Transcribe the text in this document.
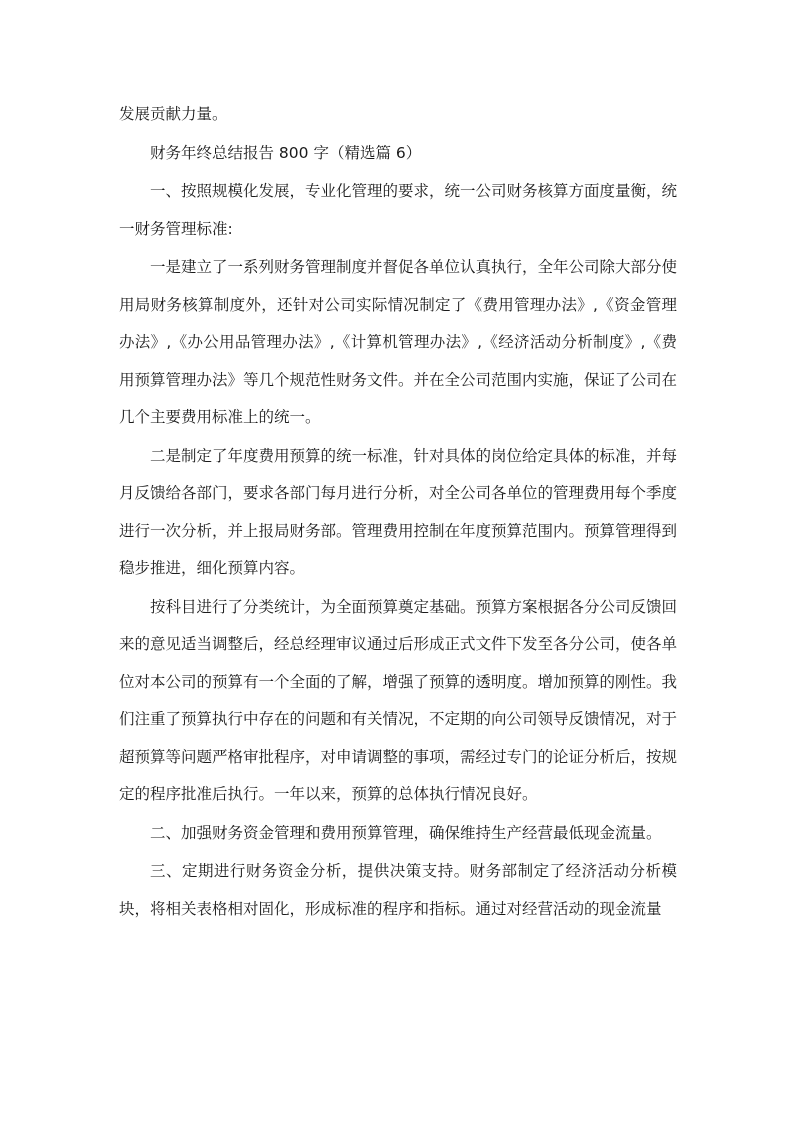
发展贡献力量。

财务年终总结报告 800 字（精选篇 6）

一、按照规模化发展，专业化管理的要求，统一公司财务核算方面度量衡，统一财务管理标准:

一是建立了一系列财务管理制度并督促各单位认真执行，全年公司除大部分使用局财务核算制度外，还针对公司实际情况制定了《费用管理办法》,《资金管理办法》,《办公用品管理办法》,《计算机管理办法》,《经济活动分析制度》,《费用预算管理办法》等几个规范性财务文件。并在全公司范围内实施，保证了公司在几个主要费用标准上的统一。

二是制定了年度费用预算的统一标准，针对具体的岗位给定具体的标准，并每月反馈给各部门，要求各部门每月进行分析，对全公司各单位的管理费用每个季度进行一次分析，并上报局财务部。管理费用控制在年度预算范围内。预算管理得到稳步推进，细化预算内容。

按科目进行了分类统计，为全面预算奠定基础。预算方案根据各分公司反馈回来的意见适当调整后，经总经理审议通过后形成正式文件下发至各分公司，使各单位对本公司的预算有一个全面的了解，增强了预算的透明度。增加预算的刚性。我们注重了预算执行中存在的问题和有关情况，不定期的向公司领导反馈情况，对于超预算等问题严格审批程序，对申请调整的事项，需经过专门的论证分析后，按规定的程序批准后执行。一年以来，预算的总体执行情况良好。

二、加强财务资金管理和费用预算管理，确保维持生产经营最低现金流量。

三、定期进行财务资金分析，提供决策支持。财务部制定了经济活动分析模块，将相关表格相对固化，形成标准的程序和指标。通过对经营活动的现金流量
